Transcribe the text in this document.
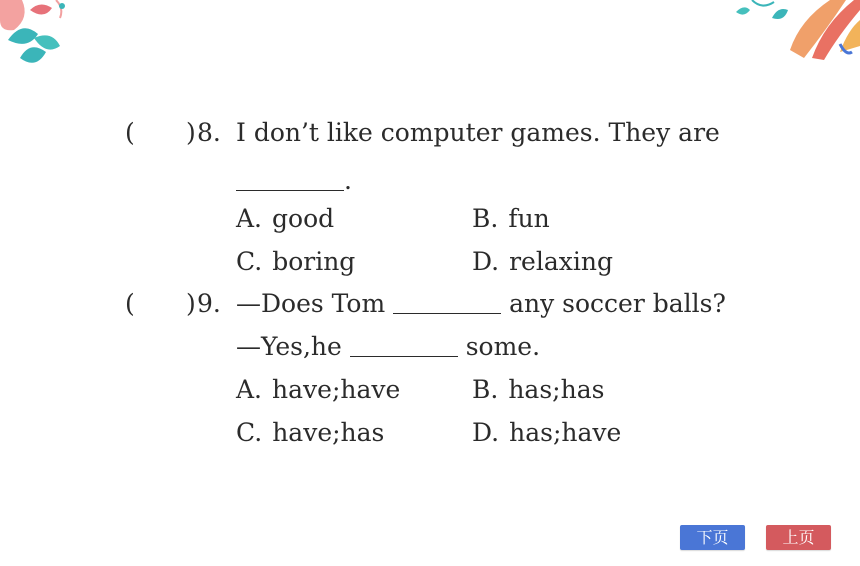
( ) 8. I don’t like computer games. They are
.
A. good	B. fun
C. boring	D. relaxing
( ) 9. —Does Tom	any soccer balls?
—Yes,he	some.
A. have;have	B. has;has
C. have;has	D. has;have
下页	上页
